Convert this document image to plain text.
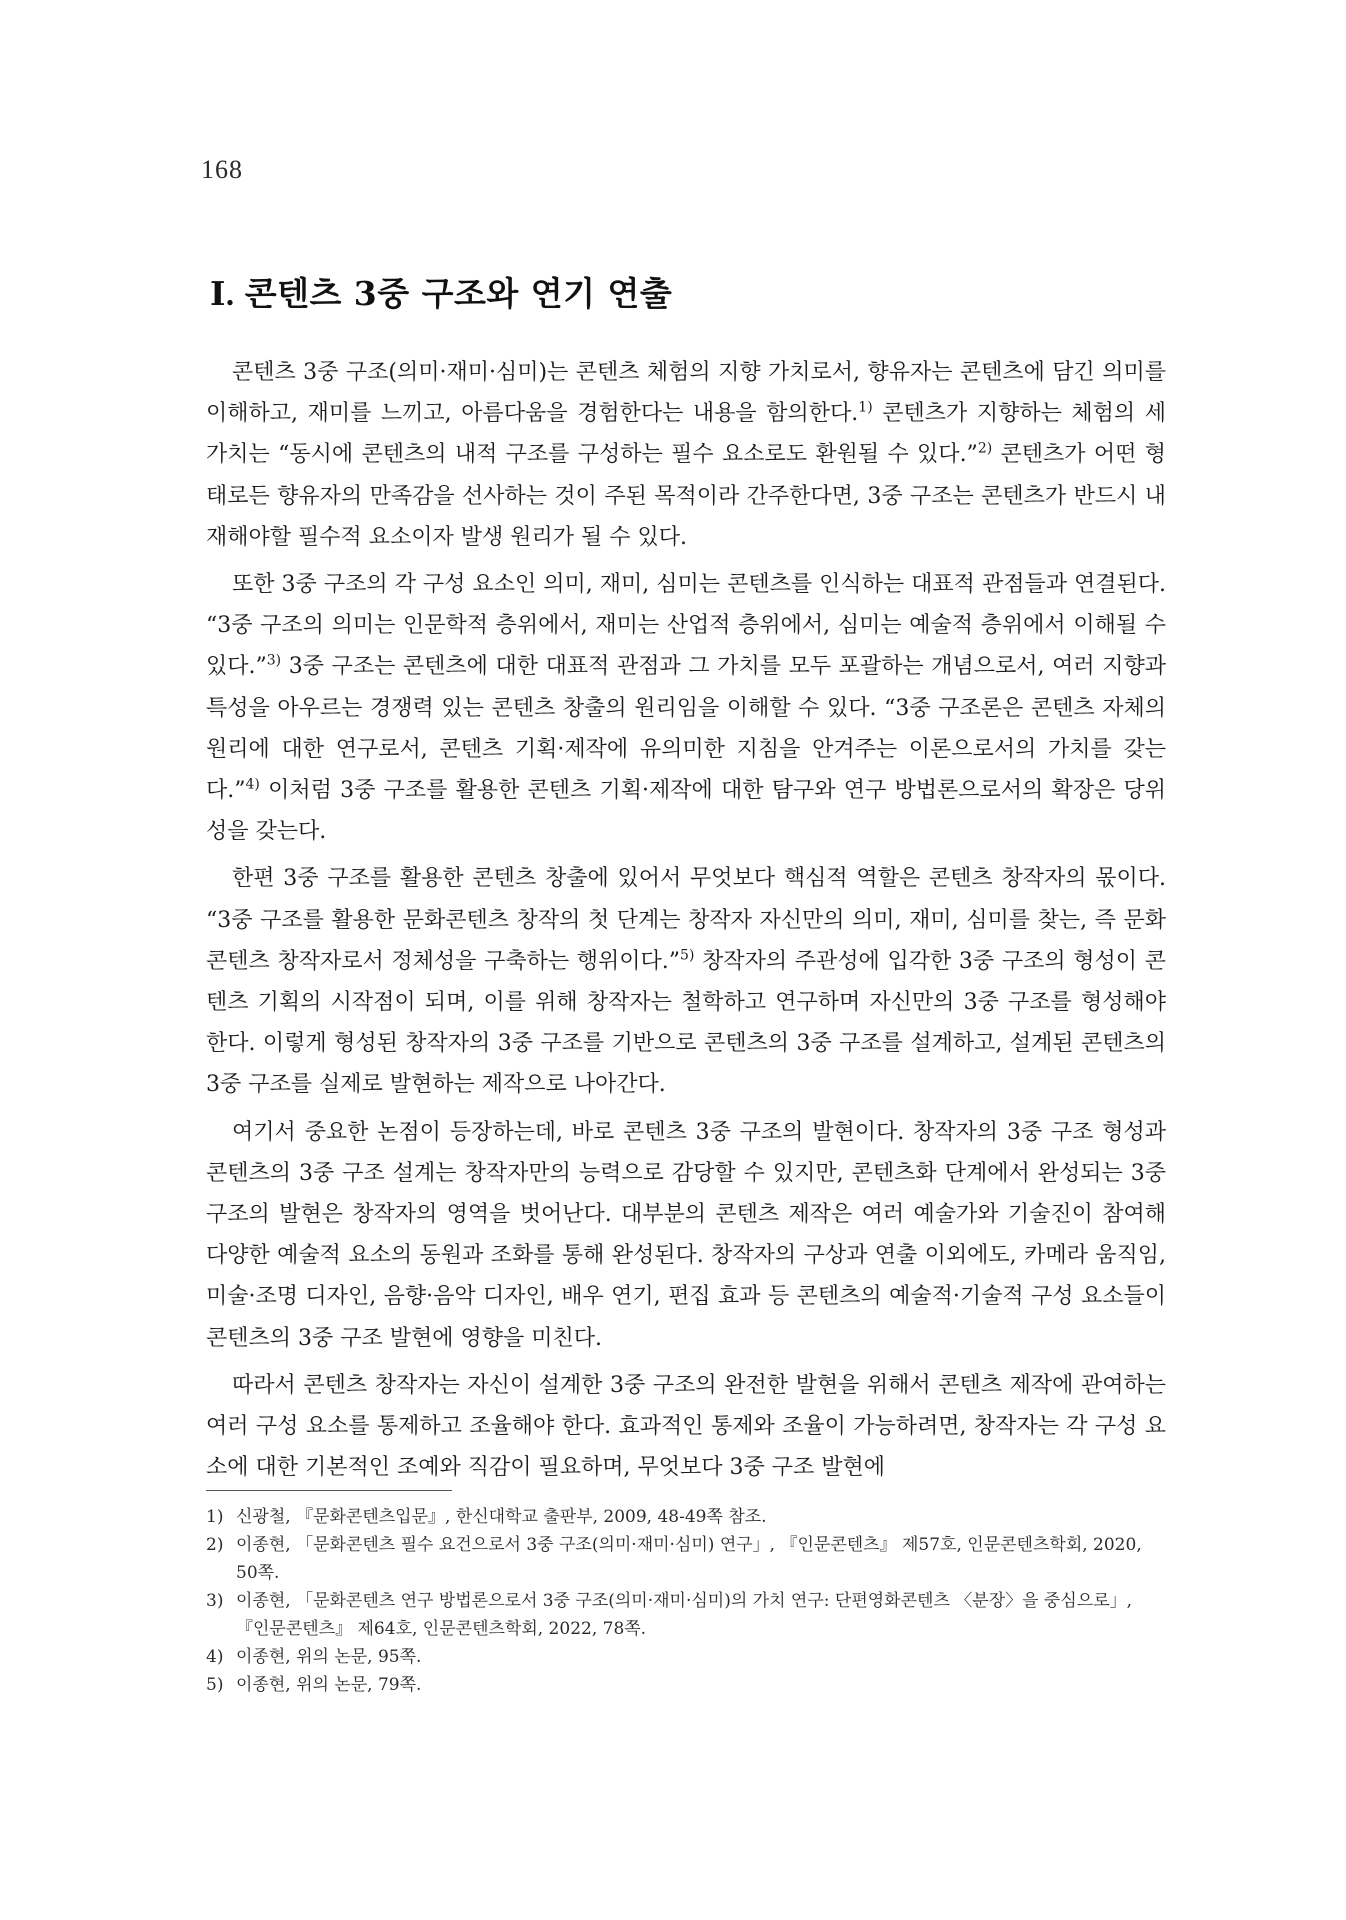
168
Ⅰ. 콘텐츠 3중 구조와 연기 연출

콘텐츠 3중 구조(의미·재미·심미)는 콘텐츠 체험의 지향 가치로서, 향유자는 콘텐츠에 담긴 의미를 이해하고, 재미를 느끼고, 아름다움을 경험한다는 내용을 함의한다.$^{1)}$ 콘텐츠가 지향하는 체험의 세 가치는 “동시에 콘텐츠의 내적 구조를 구성하는 필수 요소로도 환원될 수 있다.”$^{2)}$ 콘텐츠가 어떤 형태로든 향유자의 만족감을 선사하는 것이 주된 목적이라 간주한다면, 3중 구조는 콘텐츠가 반드시 내재해야할 필수적 요소이자 발생 원리가 될 수 있다.

또한 3중 구조의 각 구성 요소인 의미, 재미, 심미는 콘텐츠를 인식하는 대표적 관점들과 연결된다. “3중 구조의 의미는 인문학적 층위에서, 재미는 산업적 층위에서, 심미는 예술적 층위에서 이해될 수 있다.”$^{3)}$ 3중 구조는 콘텐츠에 대한 대표적 관점과 그 가치를 모두 포괄하는 개념으로서, 여러 지향과 특성을 아우르는 경쟁력 있는 콘텐츠 창출의 원리임을 이해할 수 있다. “3중 구조론은 콘텐츠 자체의 원리에 대한 연구로서, 콘텐츠 기획·제작에 유의미한 지침을 안겨주는 이론으로서의 가치를 갖는다.”$^{4)}$ 이처럼 3중 구조를 활용한 콘텐츠 기획·제작에 대한 탐구와 연구 방법론으로서의 확장은 당위성을 갖는다.

한편 3중 구조를 활용한 콘텐츠 창출에 있어서 무엇보다 핵심적 역할은 콘텐츠 창작자의 몫이다. “3중 구조를 활용한 문화콘텐츠 창작의 첫 단계는 창작자 자신만의 의미, 재미, 심미를 찾는, 즉 문화콘텐츠 창작자로서 정체성을 구축하는 행위이다.”$^{5)}$ 창작자의 주관성에 입각한 3중 구조의 형성이 콘텐츠 기획의 시작점이 되며, 이를 위해 창작자는 철학하고 연구하며 자신만의 3중 구조를 형성해야 한다. 이렇게 형성된 창작자의 3중 구조를 기반으로 콘텐츠의 3중 구조를 설계하고, 설계된 콘텐츠의 3중 구조를 실제로 발현하는 제작으로 나아간다.

여기서 중요한 논점이 등장하는데, 바로 콘텐츠 3중 구조의 발현이다. 창작자의 3중 구조 형성과 콘텐츠의 3중 구조 설계는 창작자만의 능력으로 감당할 수 있지만, 콘텐츠화 단계에서 완성되는 3중 구조의 발현은 창작자의 영역을 벗어난다. 대부분의 콘텐츠 제작은 여러 예술가와 기술진이 참여해 다양한 예술적 요소의 동원과 조화를 통해 완성된다. 창작자의 구상과 연출 이외에도, 카메라 움직임, 미술·조명 디자인, 음향·음악 디자인, 배우 연기, 편집 효과 등 콘텐츠의 예술적·기술적 구성 요소들이 콘텐츠의 3중 구조 발현에 영향을 미친다.

따라서 콘텐츠 창작자는 자신이 설계한 3중 구조의 완전한 발현을 위해서 콘텐츠 제작에 관여하는 여러 구성 요소를 통제하고 조율해야 한다. 효과적인 통제와 조율이 가능하려면, 창작자는 각 구성 요소에 대한 기본적인 조예와 직감이 필요하며, 무엇보다 3중 구조 발현에

1) 신광철, 『문화콘텐츠입문』, 한신대학교 출판부, 2009, 48-49쪽 참조.
2) 이종현, 「문화콘텐츠 필수 요건으로서 3중 구조(의미·재미·심미) 연구」, 『인문콘텐츠』 제57호, 인문콘텐츠학회, 2020, 50쪽.
3) 이종현, 「문화콘텐츠 연구 방법론으로서 3중 구조(의미·재미·심미)의 가치 연구: 단편영화콘텐츠 〈분장〉을 중심으로」, 『인문콘텐츠』 제64호, 인문콘텐츠학회, 2022, 78쪽.
4) 이종현, 위의 논문, 95쪽.
5) 이종현, 위의 논문, 79쪽.
